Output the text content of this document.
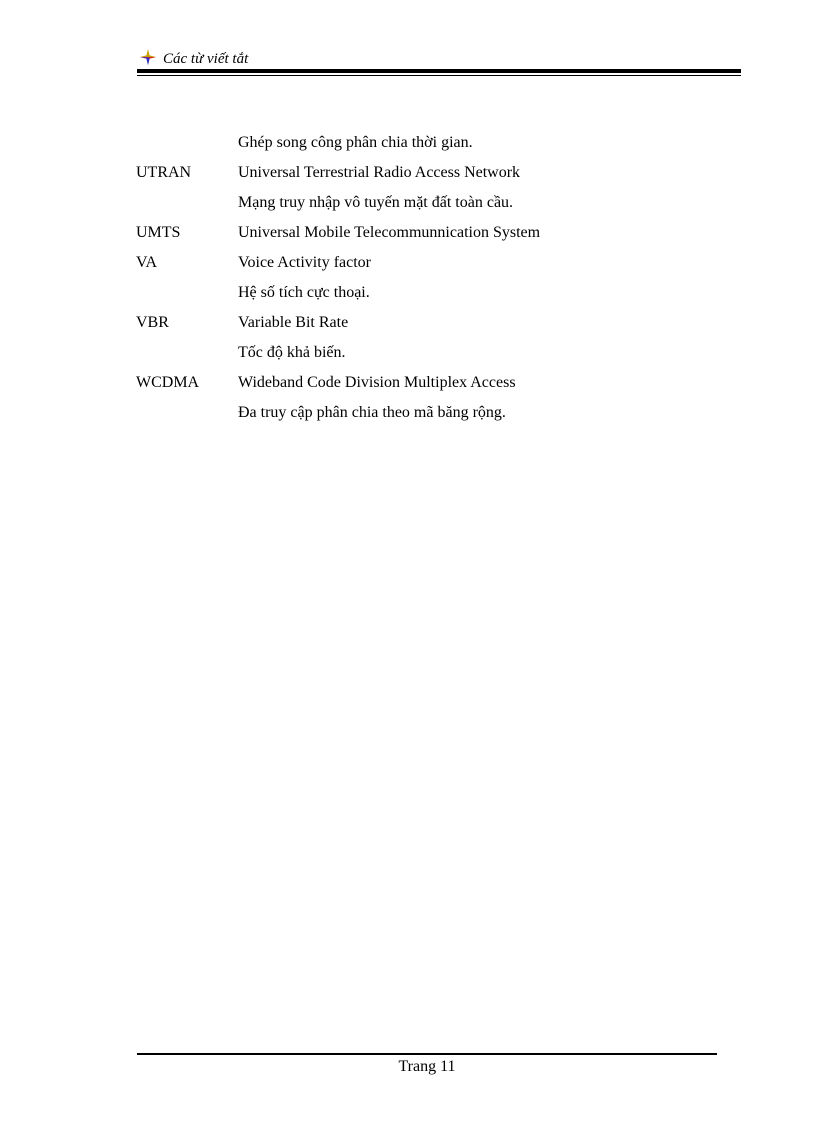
Các từ viết tắt
Ghép song công phân chia thời gian.
UTRAN	Universal Terrestrial Radio Access Network
Mạng truy nhập vô tuyến mặt đất toàn cầu.
UMTS	Universal Mobile Telecommunnication System
VA	Voice Activity factor
Hệ số tích cực thoại.
VBR	Variable Bit Rate
Tốc độ khả biến.
WCDMA Wideband Code Division Multiplex Access
Đa truy cập phân chia theo mã băng rộng.
Trang 11
